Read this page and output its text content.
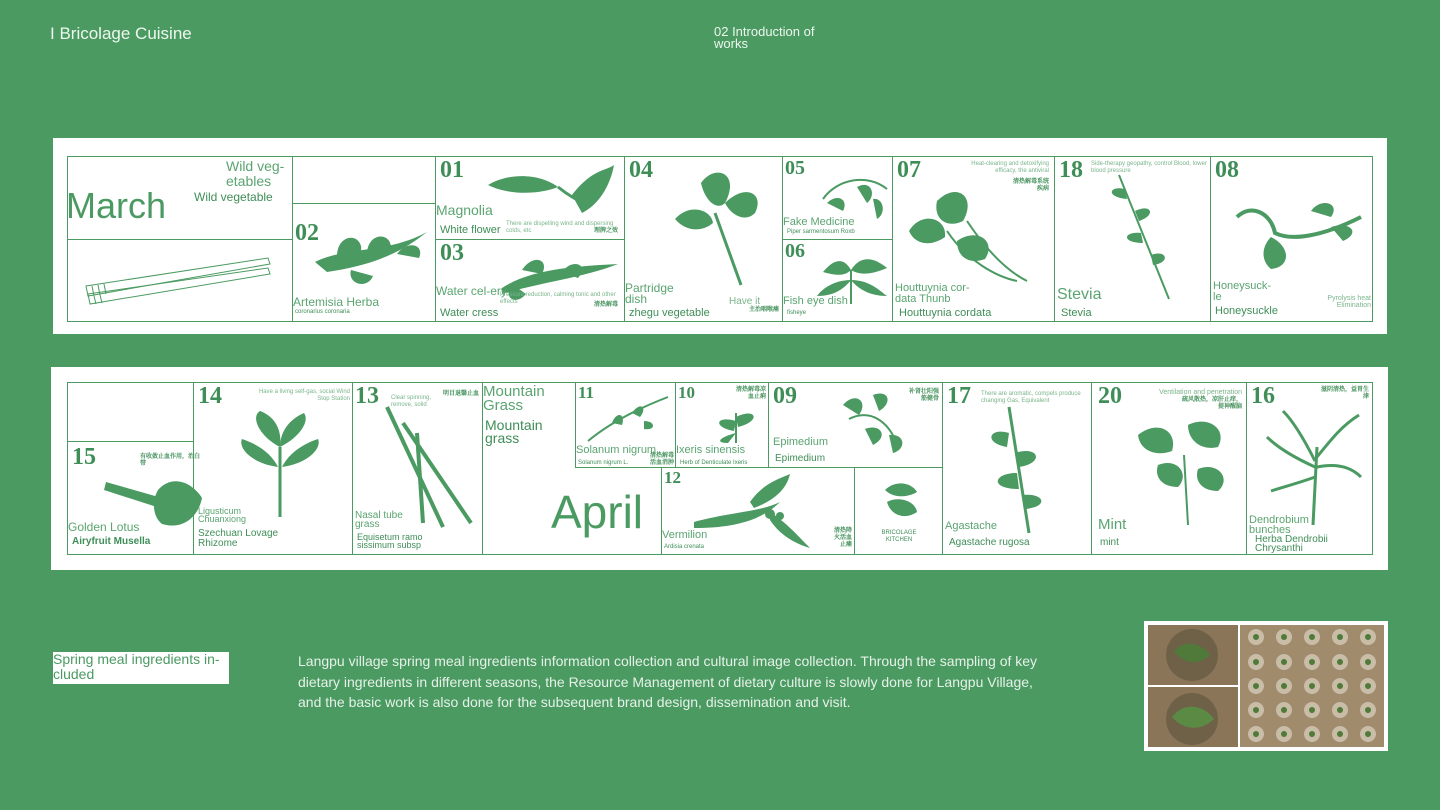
I Bricolage Cuisine	02 Introduction of works
March
Wild veg-etables
Wild vegetable
02
Artemisia Herba
coronarius coronaria
01
Magnolia
There are dispelling wind and dispersing colds, etc	理脾之效
White flower
03
Water cel-ery
Pressure reduction, calming tonic and other effects	清热解毒
Water cress
04
Partridge dish	Have it
主治咽喉痛
zhegu vegetable
05
Fake Medicine
Piper sarmentosum Roxb
06
Fish eye dish
fisheye
07	Heat-clearing and detoxifying efficacy, the antiviral
清热解毒系统疾病
Houttuynia cor-data Thunb
Houttuynia cordata
18 Side-therapy geopathy, control Blood, lower blood pressure
Stevia
Stevia
08
Honeysuck-le	Pyrolysis heat Elimination
Honeysuckle
15	有收敛止血作用，治白带
Golden Lotus
Airyfruit Musella
14	Have a living self-gas, social Wind Stop Station
Ligusticum Chuanxiong
Szechuan Lovage Rhizome
13 Clear spinning, remove, solid
明目退翳止血
Nasal tube grass
Equisetum ramo sissimum subsp
Mountain Grass
Mountain grass
April
11
Solanum nigrum
Solanum nigrum L.
清热解毒活血消肿
10	清热解毒凉血止痢
Ixeris sinensis
Herb of Denticulate Ixeris
09	补肾壮阳强筋健骨
Epimedium
Epimedium
12
清热降火活血止痛
Vermilion
Ardisia crenata
BRICOLAGE KITCHEN
17 There are aromatic, compels produce changing Gas, Equivalent
Agastache
Agastache rugosa
20	Ventilation and penetration
疏风散热，凉肝止痒，提神醒脑
Mint
mint
16	滋阴清热，益胃生津
Dendrobium bunches
Herba Dendrobii Chrysanthi
Spring meal ingredients in-cluded
Langpu village spring meal ingredients information collection and cultural image collection. Through the sampling of key dietary ingredients in different seasons, the Resource Management of dietary culture is slowly done for Langpu Village, and the basic work is also done for the subsequent brand design, dissemination and visit.
